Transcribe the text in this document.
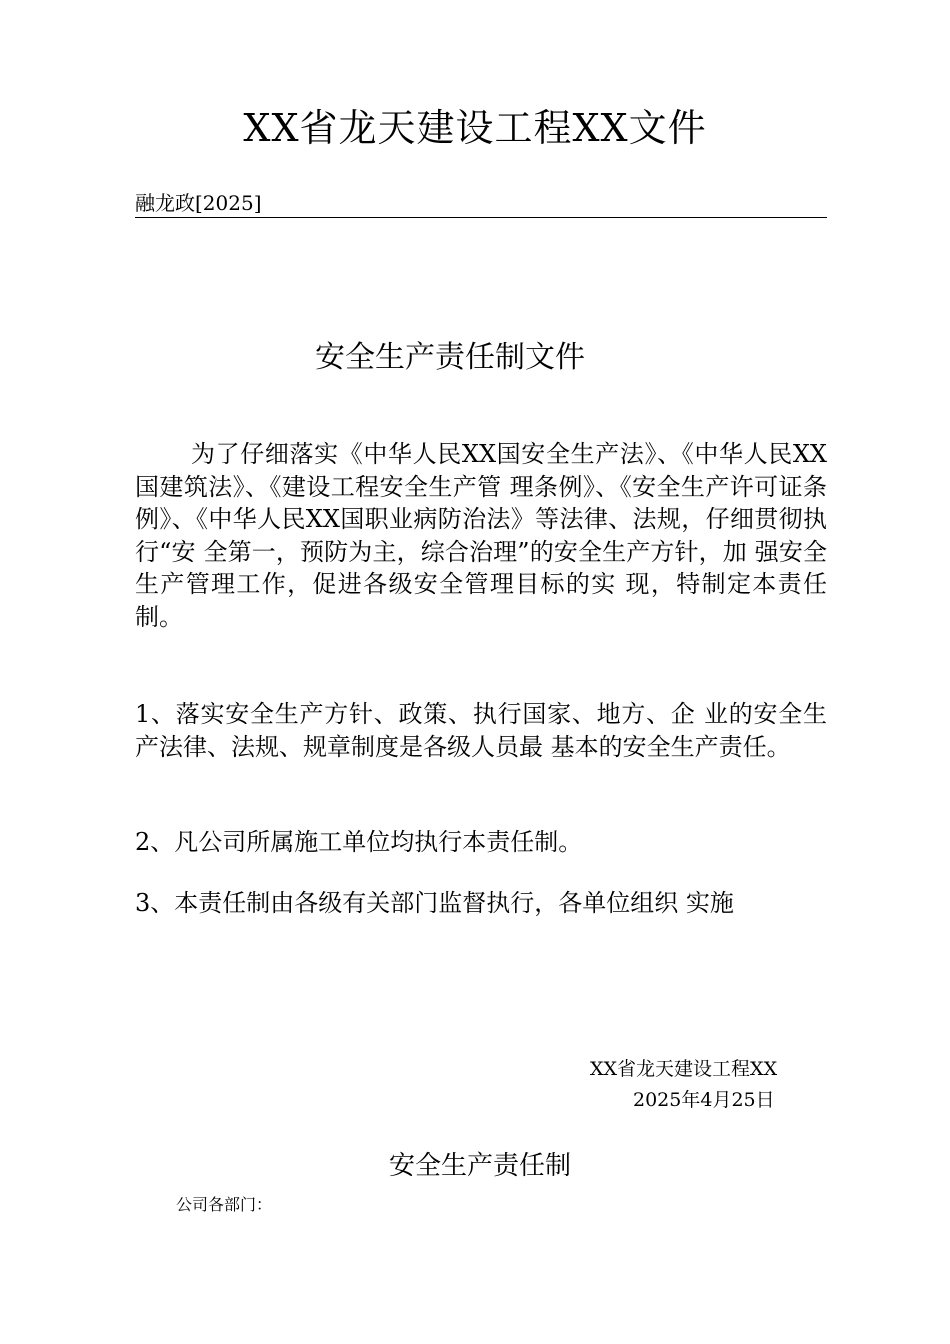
XX省龙天建设工程XX文件
融龙政[2025]
安全生产责任制文件

为了仔细落实《中华人民XX国安全生产法》、《中华人民XX国建筑法》、《建设工程安全生产管 理条例》、《安全生产许可证条例》、《中华人民XX国职业病防治法》等法律、法规，仔细贯彻执行“安 全第一，预防为主，综合治理”的安全生产方针，加 强安全生产管理工作，促进各级安全管理目标的实 现，特制定本责任制。

1、落实安全生产方针、政策、执行国家、地方、企 业的安全生 产法律、法规、规章制度是各级人员最 基本的安全生产责任。

2、凡公司所属施工单位均执行本责任制。

3、本责任制由各级有关部门监督执行，各单位组织 实施

XX省龙天建设工程XX
2025年4月25日
安全生产责任制
公司各部门：
